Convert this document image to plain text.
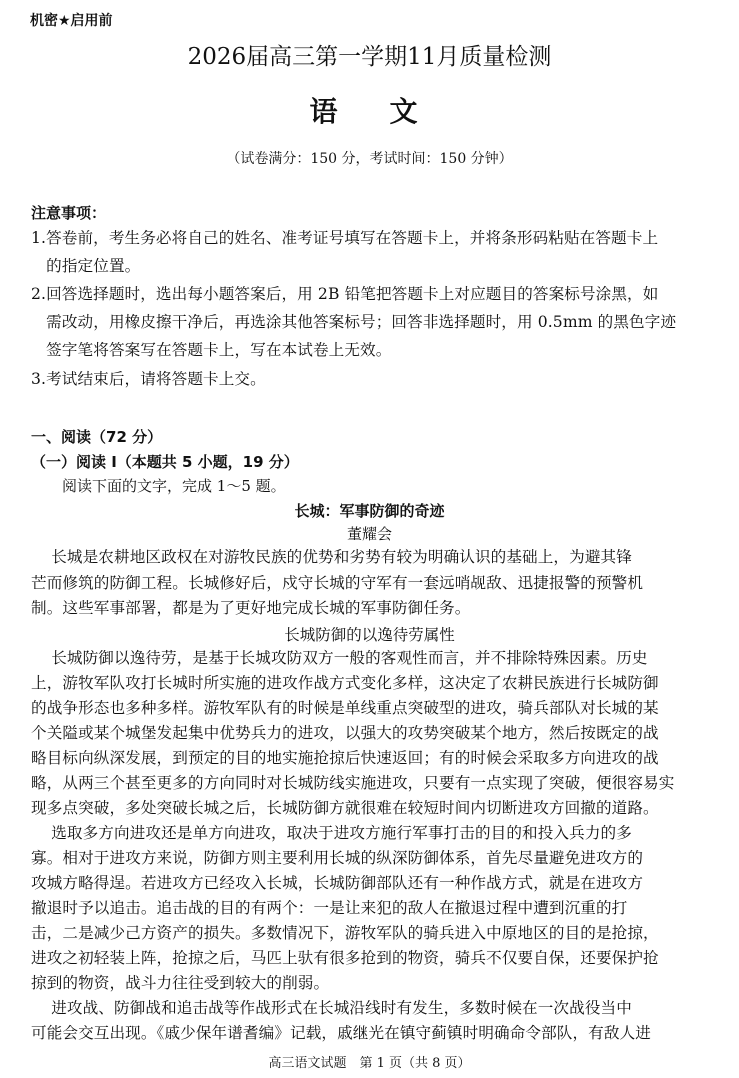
机密★启用前
2026届高三第一学期11月质量检测
语　文
（试卷满分：150 分，考试时间：150 分钟）
注意事项：
1.答卷前，考生务必将自己的姓名、准考证号填写在答题卡上，并将条形码粘贴在答题卡上
的指定位置。
2.回答选择题时，选出每小题答案后，用 2B 铅笔把答题卡上对应题目的答案标号涂黑，如
需改动，用橡皮擦干净后，再选涂其他答案标号；回答非选择题时，用 0.5mm 的黑色字迹
签字笔将答案写在答题卡上，写在本试卷上无效。
3.考试结束后，请将答题卡上交。
一、阅读（72 分）
（一）阅读 I（本题共 5 小题，19 分）
阅读下面的文字，完成 1～5 题。
长城：军事防御的奇迹
董耀会
长城是农耕地区政权在对游牧民族的优势和劣势有较为明确认识的基础上，为避其锋
芒而修筑的防御工程。长城修好后，戍守长城的守军有一套远哨觇敌、迅捷报警的预警机
制。这些军事部署，都是为了更好地完成长城的军事防御任务。
长城防御的以逸待劳属性
长城防御以逸待劳，是基于长城攻防双方一般的客观性而言，并不排除特殊因素。历史
上，游牧军队攻打长城时所实施的进攻作战方式变化多样，这决定了农耕民族进行长城防御
的战争形态也多种多样。游牧军队有的时候是单线重点突破型的进攻，骑兵部队对长城的某
个关隘或某个城堡发起集中优势兵力的进攻，以强大的攻势突破某个地方，然后按既定的战
略目标向纵深发展，到预定的目的地实施抢掠后快速返回；有的时候会采取多方向进攻的战
略，从两三个甚至更多的方向同时对长城防线实施进攻，只要有一点实现了突破，便很容易实
现多点突破，多处突破长城之后，长城防御方就很难在较短时间内切断进攻方回撤的道路。
选取多方向进攻还是单方向进攻，取决于进攻方施行军事打击的目的和投入兵力的多
寡。相对于进攻方来说，防御方则主要利用长城的纵深防御体系，首先尽量避免进攻方的
攻城方略得逞。若进攻方已经攻入长城，长城防御部队还有一种作战方式，就是在进攻方
撤退时予以追击。追击战的目的有两个：一是让来犯的敌人在撤退过程中遭到沉重的打
击，二是减少己方资产的损失。多数情况下，游牧军队的骑兵进入中原地区的目的是抢掠，
进攻之初轻装上阵，抢掠之后，马匹上驮有很多抢到的物资，骑兵不仅要自保，还要保护抢
掠到的物资，战斗力往往受到较大的削弱。
进攻战、防御战和追击战等作战形式在长城沿线时有发生，多数时候在一次战役当中
可能会交互出现。《戚少保年谱耆编》记载，戚继光在镇守蓟镇时明确命令部队，有敌人进
高三语文试题　第 1 页（共 8 页）
